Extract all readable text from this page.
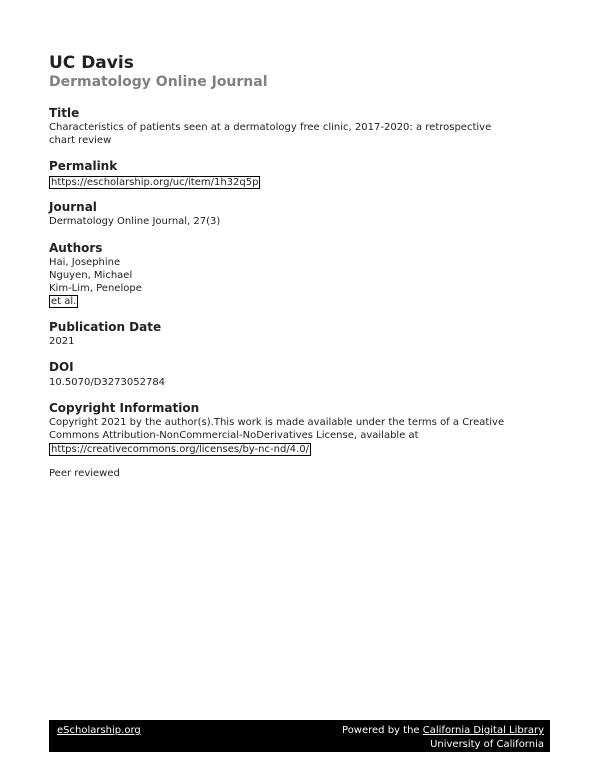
UC Davis
Dermatology Online Journal
Title
Characteristics of patients seen at a dermatology free clinic, 2017-2020: a retrospective
chart review
Permalink
https://escholarship.org/uc/item/1h32q5p
Journal
Dermatology Online Journal, 27(3)
Authors
Hai, Josephine
Nguyen, Michael
Kim-Lim, Penelope
et al.
Publication Date
2021
DOI
10.5070/D3273052784
Copyright Information
Copyright 2021 by the author(s).This work is made available under the terms of a Creative
Commons Attribution-NonCommercial-NoDerivatives License, available at
https://creativecommons.org/licenses/by-nc-nd/4.0/
Peer reviewed
eScholarship.org	Powered by the California Digital Library
University of California
